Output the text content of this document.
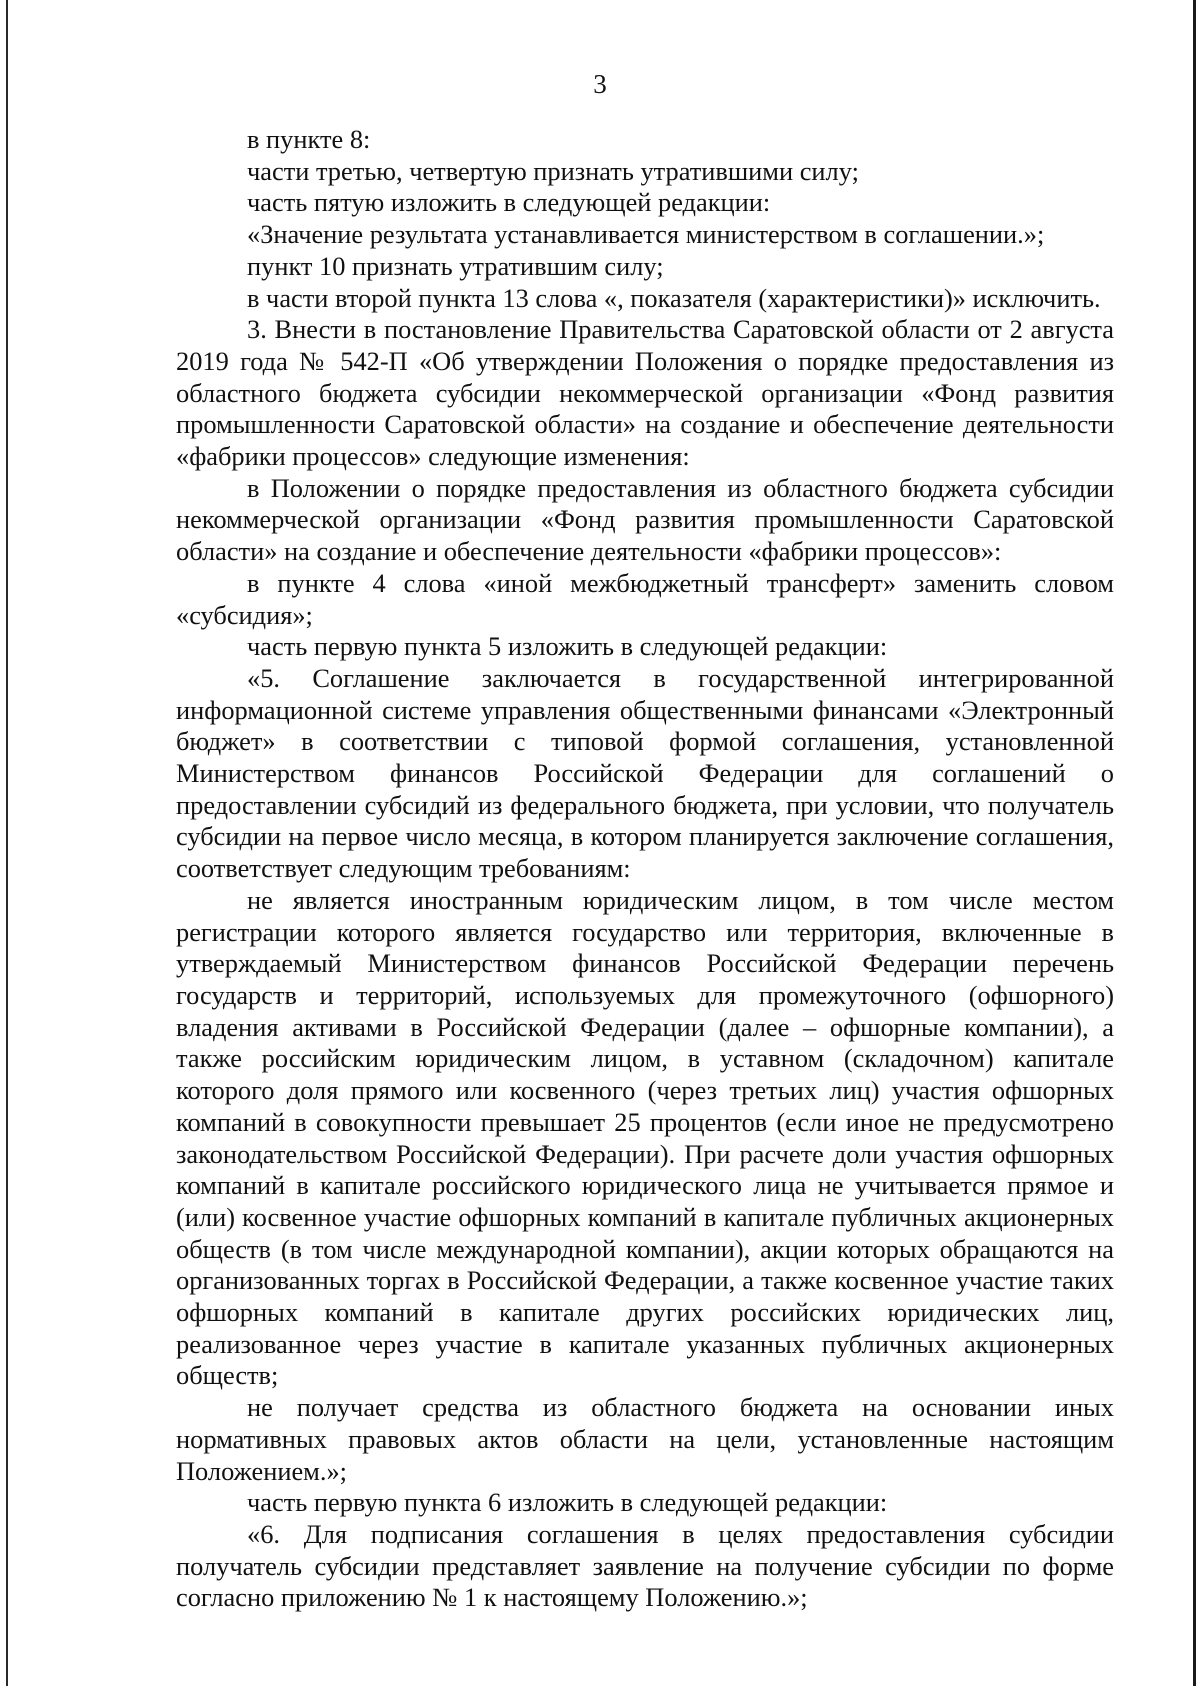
3

в пункте 8:

части третью, четвертую признать утратившими силу;

часть пятую изложить в следующей редакции:

«Значение результата устанавливается министерством в соглашении.»;

пункт 10 признать утратившим силу;

в части второй пункта 13 слова «, показателя (характеристики)» исключить.

3. Внести в постановление Правительства Саратовской области от 2 августа 2019 года № 542-П «Об утверждении Положения о порядке предоставления из областного бюджета субсидии некоммерческой организации «Фонд развития промышленности Саратовской области» на создание и обеспечение деятельности «фабрики процессов» следующие изменения:

в Положении о порядке предоставления из областного бюджета субсидии некоммерческой организации «Фонд развития промышленности Саратовской области» на создание и обеспечение деятельности «фабрики процессов»:

в пункте 4 слова «иной межбюджетный трансферт» заменить словом «субсидия»;

часть первую пункта 5 изложить в следующей редакции:

«5. Соглашение заключается в государственной интегрированной информационной системе управления общественными финансами «Электронный бюджет» в соответствии с типовой формой соглашения, установленной Министерством финансов Российской Федерации для соглашений о предоставлении субсидий из федерального бюджета, при условии, что получатель субсидии на первое число месяца, в котором планируется заключение соглашения, соответствует следующим требованиям:

не является иностранным юридическим лицом, в том числе местом регистрации которого является государство или территория, включенные в утверждаемый Министерством финансов Российской Федерации перечень государств и территорий, используемых для промежуточного (офшорного) владения активами в Российской Федерации (далее – офшорные компании), а также российским юридическим лицом, в уставном (складочном) капитале которого доля прямого или косвенного (через третьих лиц) участия офшорных компаний в совокупности превышает 25 процентов (если иное не предусмотрено законодательством Российской Федерации). При расчете доли участия офшорных компаний в капитале российского юридического лица не учитывается прямое и (или) косвенное участие офшорных компаний в капитале публичных акционерных обществ (в том числе международной компании), акции которых обращаются на организованных торгах в Российской Федерации, а также косвенное участие таких офшорных компаний в капитале других российских юридических лиц, реализованное через участие в капитале указанных публичных акционерных обществ;

не получает средства из областного бюджета на основании иных нормативных правовых актов области на цели, установленные настоящим Положением.»;

часть первую пункта 6 изложить в следующей редакции:

«6. Для подписания соглашения в целях предоставления субсидии получатель субсидии представляет заявление на получение субсидии по форме согласно приложению № 1 к настоящему Положению.»;
